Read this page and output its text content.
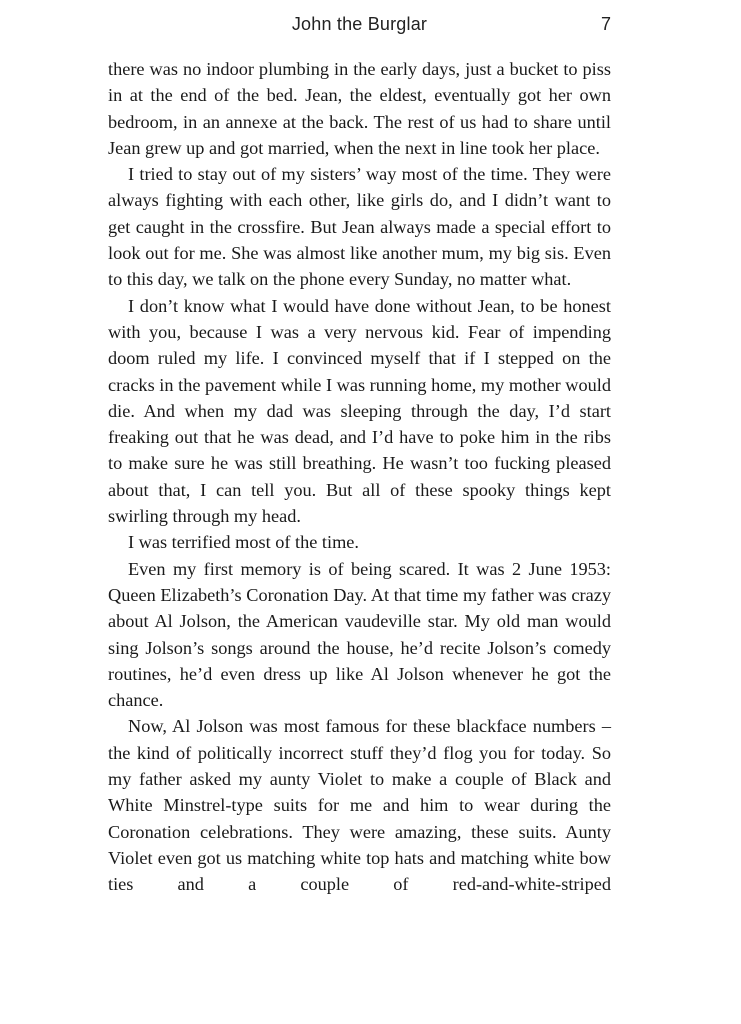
John the Burglar	7

there was no indoor plumbing in the early days, just a bucket to piss in at the end of the bed. Jean, the eldest, eventually got her own bedroom, in an annexe at the back. The rest of us had to share until Jean grew up and got married, when the next in line took her place.

I tried to stay out of my sisters’ way most of the time. They were always fighting with each other, like girls do, and I didn’t want to get caught in the crossfire. But Jean always made a special effort to look out for me. She was almost like another mum, my big sis. Even to this day, we talk on the phone every Sunday, no matter what.

I don’t know what I would have done without Jean, to be honest with you, because I was a very nervous kid. Fear of impending doom ruled my life. I convinced myself that if I stepped on the cracks in the pavement while I was running home, my mother would die. And when my dad was sleeping through the day, I’d start freaking out that he was dead, and I’d have to poke him in the ribs to make sure he was still breathing. He wasn’t too fucking pleased about that, I can tell you. But all of these spooky things kept swirling through my head.

I was terrified most of the time.

Even my first memory is of being scared. It was 2 June 1953: Queen Elizabeth’s Coronation Day. At that time my father was crazy about Al Jolson, the American vaudeville star. My old man would sing Jolson’s songs around the house, he’d recite Jolson’s comedy routines, he’d even dress up like Al Jolson whenever he got the chance.

Now, Al Jolson was most famous for these blackface numbers – the kind of politically incorrect stuff they’d flog you for today. So my father asked my aunty Violet to make a couple of Black and White Minstrel-type suits for me and him to wear during the Coronation celebrations. They were amazing, these suits. Aunty Violet even got us matching white top hats and matching white bow ties and a couple of red-and-white-striped
